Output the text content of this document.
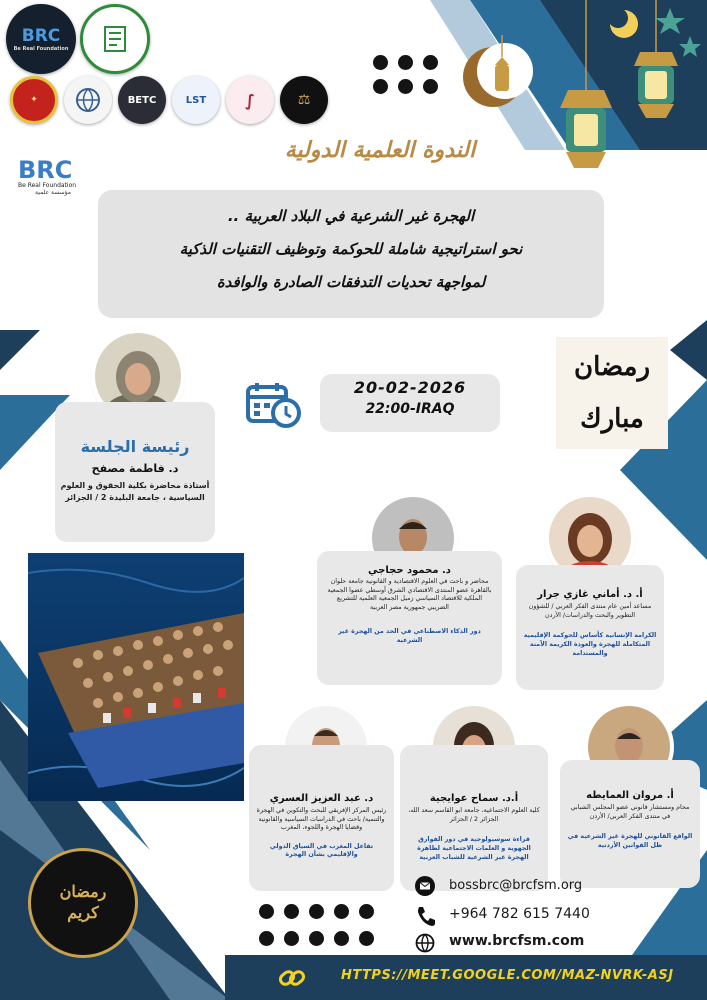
BRC
Be Real Foundation
✦	BETC	LST ∫	⚖
الندوة العلمية الدولية
BRC
Be Real Foundation
مؤسسة علمية
الهجرة غير الشرعية في البلاد العربية ..
نحو استراتيجية شاملة للحوكمة وتوظيف التقنيات الذكية
لمواجهة تحديات التدفقات الصادرة والوافدة
رئيسة الجلسة
د. فاطمة مصفح
أستاذة محاضرة بكلية الحقوق و العلوم السياسية ، جامعة البليدة 2 / الجزائر
20-02-2026
22:00-IRAQ
رمضان مبارك
أ. د. أماني غازي جرار
مساعد أمين عام منتدى الفكر العربي / للشؤون التطوير والبحث والدراسات/ الأردن
الكرامة الإنسانية كأساس للحوكمة الإقليمية المتكاملة للهجرة والعودة الكريمة الآمنة والمستدامة
د. محمود حجاجي
محاضر و باحث في العلوم الاقتصادية و القانونية جامعة حلوان بالقاهرة عضو المنتدى الاقتصادي الشرق أوسطي عضوا الجمعية الملكية للاقتصاد السياسي زميل الجمعية العلمية للتشريع الضريبي جمهورية مصر العربية
دور الذكاء الاصطناعي في الحد من الهجرة غير الشرعية
أ. مروان العمايطه
محام ومستشار قانوني عضو المجلس الشبابي في منتدى الفكر العربي/ الأردن
الواقع القانوني للهجرة غير الشرعية في ظل القوانين الأردنية
أ.د. سماح عوايجية
كلية العلوم الاجتماعية، جامعة ابو القاسم سعد الله، الجزائر 2 / الجزائر
قراءة سوسيولوجية في دور الفوارق الجهوية و العلمات الاجتماعية لظاهرة الهجرة غير الشرعية للشباب العربية
د. عبد العزيز العسري
رئيس المركز الإفريقي للبحث والتكوين في الهجرة والتنمية/ باحث في الدراسات السياسية والقانونية وقضايا الهجرة واللجوء، المغرب
تفاعل المغرب في السياق الدولي والإقليمي بشأن الهجرة
رمضان كريم
bossbrc@brcfsm.org
+964 782 615 7440
www.brcfsm.com
HTTPS://MEET.GOOGLE.COM/MAZ-NVRK-ASJ
